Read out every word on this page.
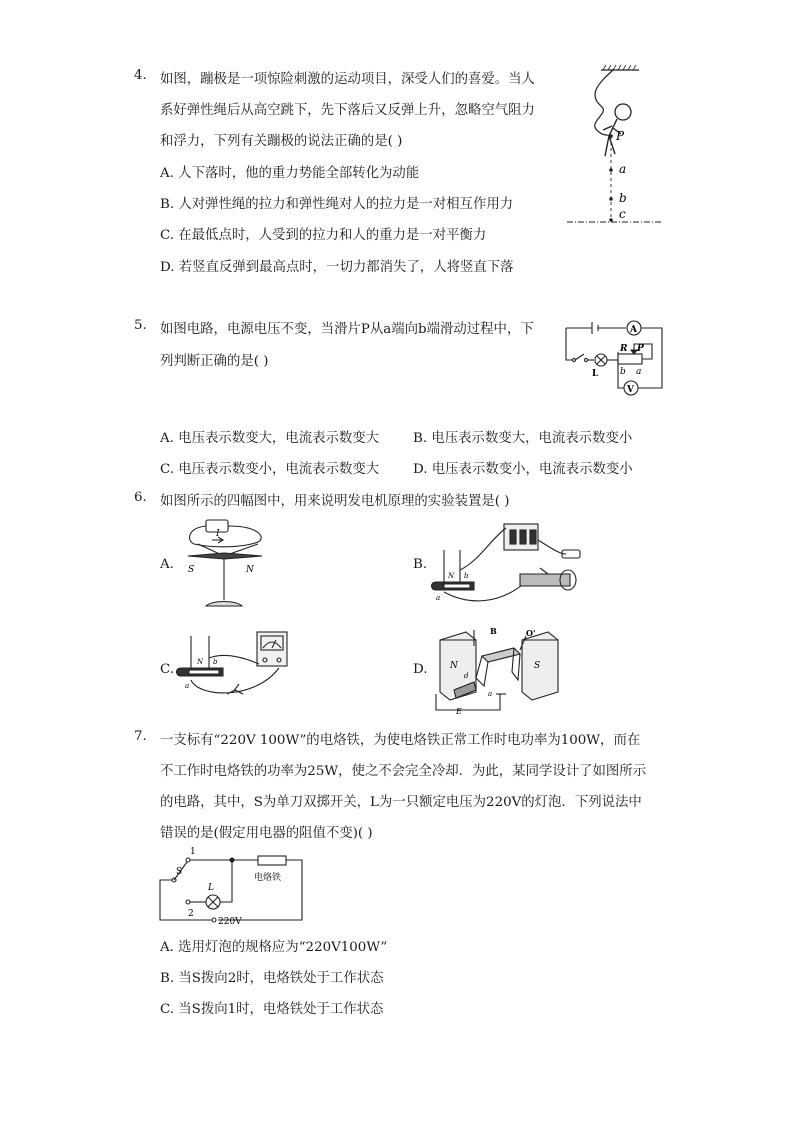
4. 如图，蹦极是一项惊险刺激的运动项目，深受人们的喜爱。当人
系好弹性绳后从高空跳下，先下落后又反弹上升，忽略空气阻力
和浮力，下列有关蹦极的说法正确的是( )
A. 人下落时，他的重力势能全部转化为动能
B. 人对弹性绳的拉力和弹性绳对人的拉力是一对相互作用力
C. 在最低点时，人受到的拉力和人的重力是一对平衡力
D. 若竖直反弹到最高点时，一切力都消失了，人将竖直下落
P
a
b
c
5. 如图电路，电源电压不变，当滑片P从a端向b端滑动过程中，下
列判断正确的是( )
A. 电压表示数变大，电流表示数变大	B. 电压表示数变大，电流表示数变小
C. 电压表示数变小，电流表示数变大	D. 电压表示数变小，电流表示数变小
A
V
R P
b a
L
6. 如图所示的四幅图中，用来说明发电机原理的实验装置是( )
A. S	N
I
B.
N b
a
C.	N b
a
D. N	S
B	O'
E
d
a
7. 一支标有“220V 100W”的电烙铁，为使电烙铁正常工作时电功率为100W，而在
不工作时电烙铁的功率为25W，使之不会完全冷却．为此，某同学设计了如图所示
的电路，其中，S为单刀双掷开关，L为一只额定电压为220V的灯泡．下列说法中
错误的是(假定用电器的阻值不变)( )
1
S
L
2
电烙铁
220V
A. 选用灯泡的规格应为“220V100W”
B. 当S拨向2时，电烙铁处于工作状态
C. 当S拨向1时，电烙铁处于工作状态
